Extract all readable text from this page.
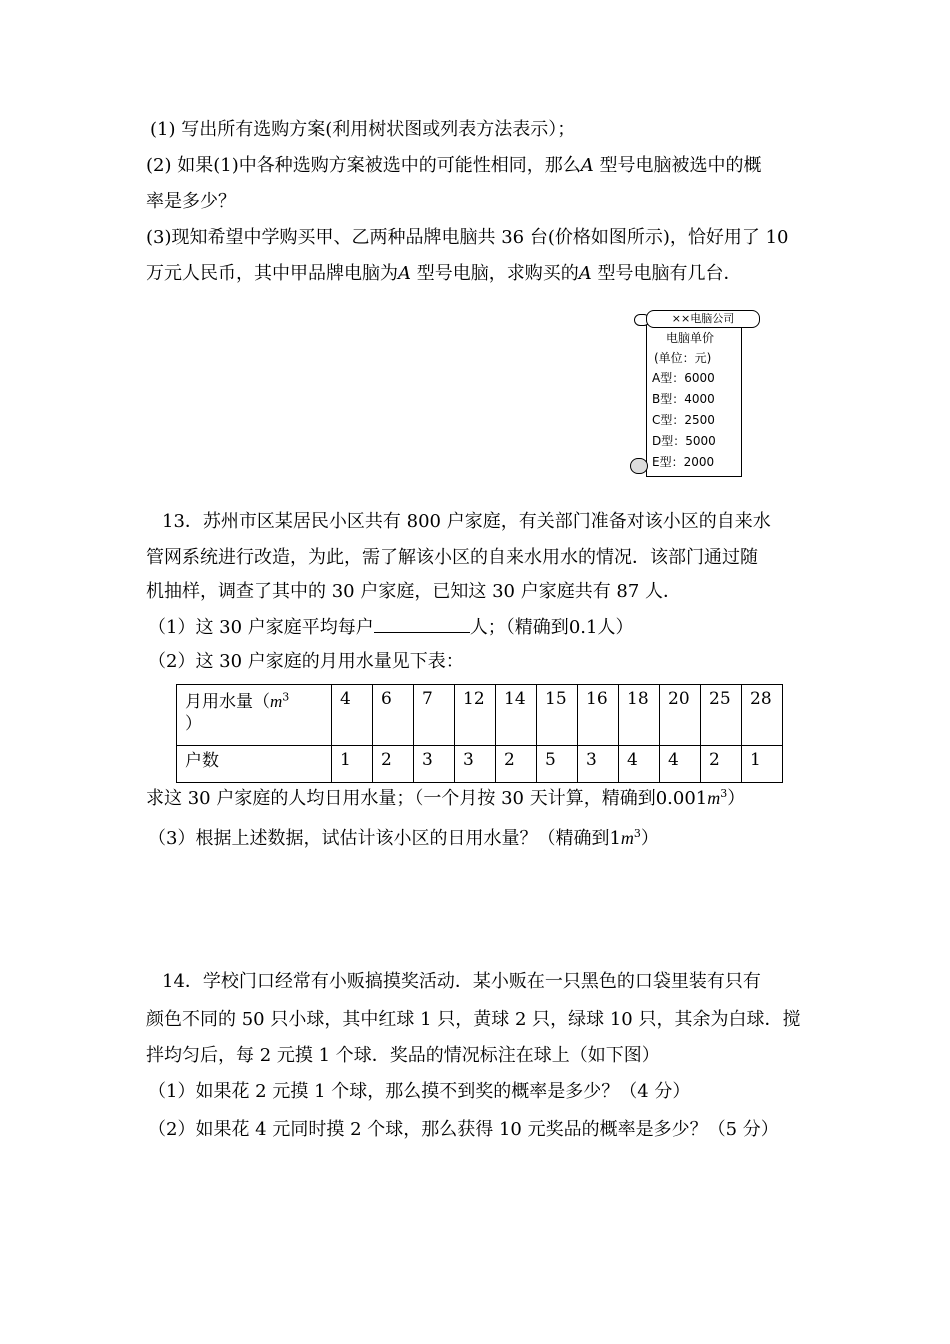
(1) 写出所有选购方案(利用树状图或列表方法表示）；
(2) 如果(1)中各种选购方案被选中的可能性相同，那么A 型号电脑被选中的概
率是多少？
(3)现知希望中学购买甲、乙两种品牌电脑共 36 台(价格如图所示)，恰好用了 10
万元人民币，其中甲品牌电脑为A 型号电脑，求购买的A 型号电脑有几台．
××电脑公司
电脑单价
(单位：元)
A型：6000
B型：4000
C型：2500
D型：5000
E型：2000
13．苏州市区某居民小区共有 800 户家庭，有关部门准备对该小区的自来水
管网系统进行改造，为此，需了解该小区的自来水用水的情况．该部门通过随
机抽样，调查了其中的 30 户家庭，已知这 30 户家庭共有 87 人．
（1）这 30 户家庭平均每户	人；（精确到0.1人）
（2）这 30 户家庭的月用水量见下表：
月用水量（$m^3$
）	4	6	7	12	14	15	16	18	20	25	28
户数	1	2	3	3	2	5	3	4	4	2	1
求这 30 户家庭的人均日用水量；（一个月按 30 天计算，精确到$0.001m^3$）
（3）根据上述数据，试估计该小区的日用水量？（精确到$1m^3$）
14．学校门口经常有小贩搞摸奖活动．某小贩在一只黑色的口袋里装有只有
颜色不同的 50 只小球，其中红球 1 只，黄球 2 只，绿球 10 只，其余为白球．搅
拌均匀后，每 2 元摸 1 个球．奖品的情况标注在球上（如下图）
（1）如果花 2 元摸 1 个球，那么摸不到奖的概率是多少？（4 分）
（2）如果花 4 元同时摸 2 个球，那么获得 10 元奖品的概率是多少？（5 分）
